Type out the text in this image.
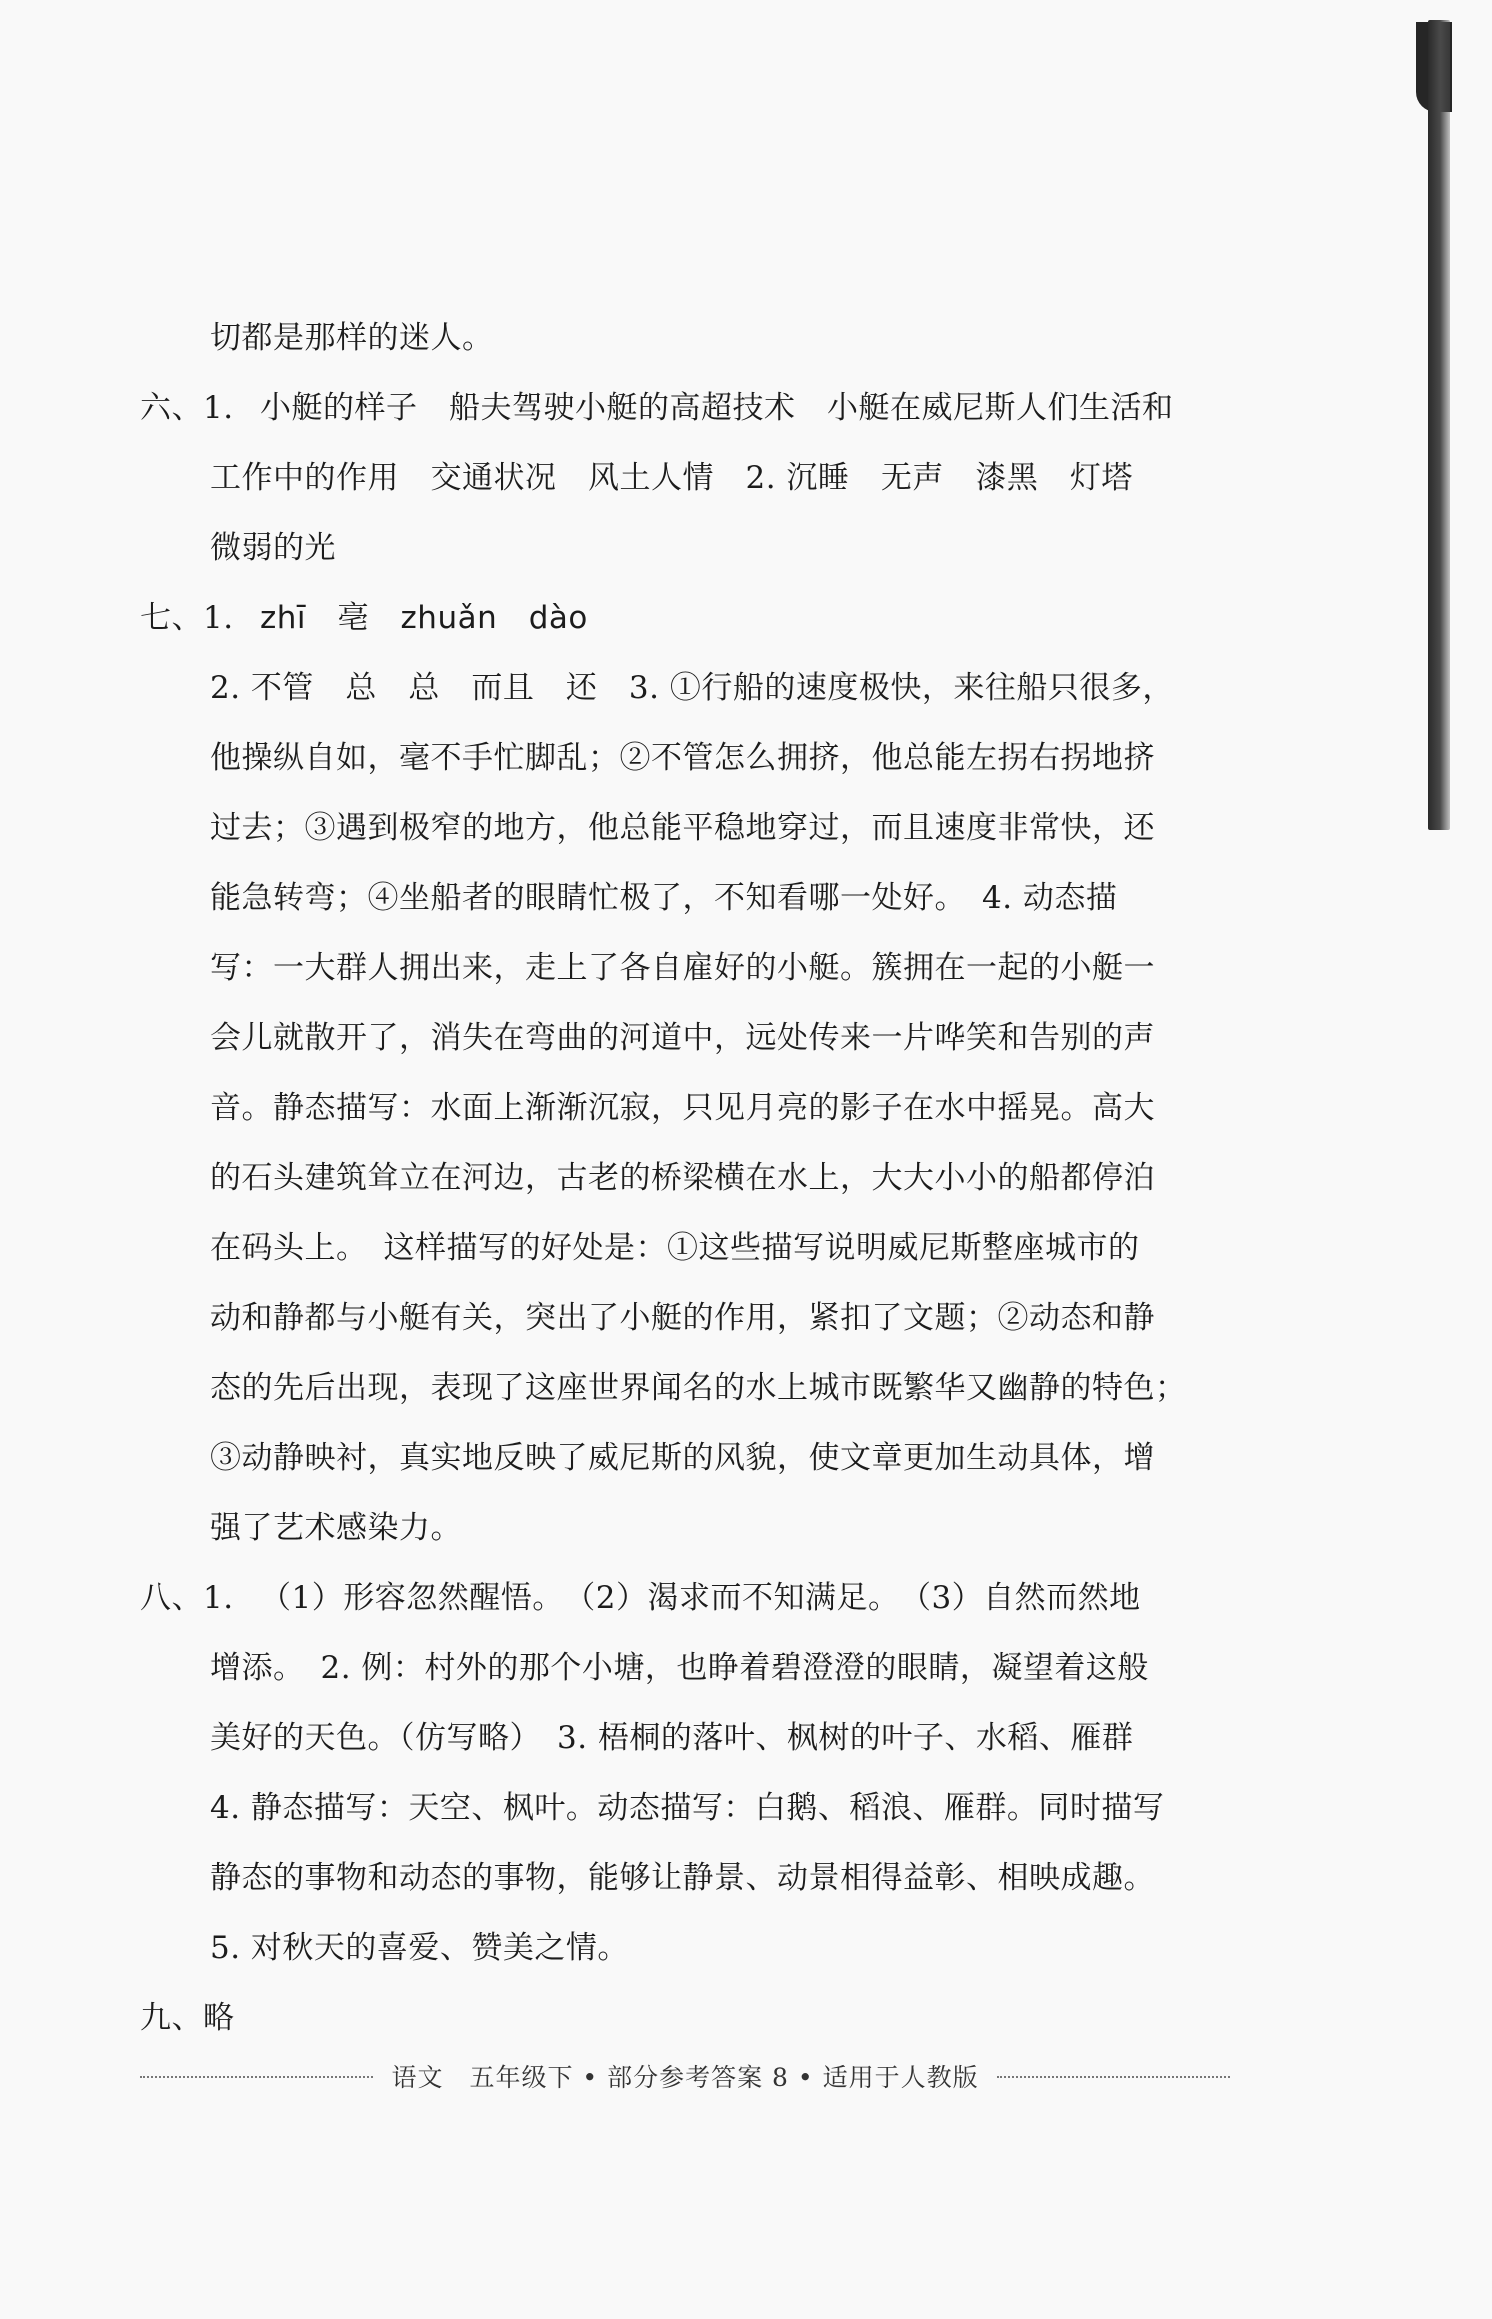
切都是那样的迷人。
六、1. 小艇的样子　船夫驾驶小艇的高超技术　小艇在威尼斯人们生活和
工作中的作用　交通状况　风土人情　2. 沉睡　无声　漆黑　灯塔
微弱的光
七、1. zhī　亳　zhuǎn　dào
2. 不管　总　总　而且　还　3. ①行船的速度极快，来往船只很多，
他操纵自如，毫不手忙脚乱；②不管怎么拥挤，他总能左拐右拐地挤
过去；③遇到极窄的地方，他总能平稳地穿过，而且速度非常快，还
能急转弯；④坐船者的眼睛忙极了，不知看哪一处好。　4. 动态描
写：一大群人拥出来，走上了各自雇好的小艇。簇拥在一起的小艇一
会儿就散开了，消失在弯曲的河道中，远处传来一片哗笑和告别的声
音。静态描写：水面上渐渐沉寂，只见月亮的影子在水中摇晃。高大
的石头建筑耸立在河边，古老的桥梁横在水上，大大小小的船都停泊
在码头上。　这样描写的好处是：①这些描写说明威尼斯整座城市的
动和静都与小艇有关，突出了小艇的作用，紧扣了文题；②动态和静
态的先后出现，表现了这座世界闻名的水上城市既繁华又幽静的特色；
③动静映衬，真实地反映了威尼斯的风貌，使文章更加生动具体，增
强了艺术感染力。
八、1. （1）形容忽然醒悟。　（2）渴求而不知满足。　（3）自然而然地
增添。　2. 例：村外的那个小塘，也睁着碧澄澄的眼睛，凝望着这般
美好的天色。（仿写略）　3. 梧桐的落叶、枫树的叶子、水稻、雁群
4. 静态描写：天空、枫叶。动态描写：白鹅、稻浪、雁群。同时描写
静态的事物和动态的事物，能够让静景、动景相得益彰、相映成趣。
5. 对秋天的喜爱、赞美之情。
九、略
语文　五年级下 • 部分参考答案 8 • 适用于人教版
